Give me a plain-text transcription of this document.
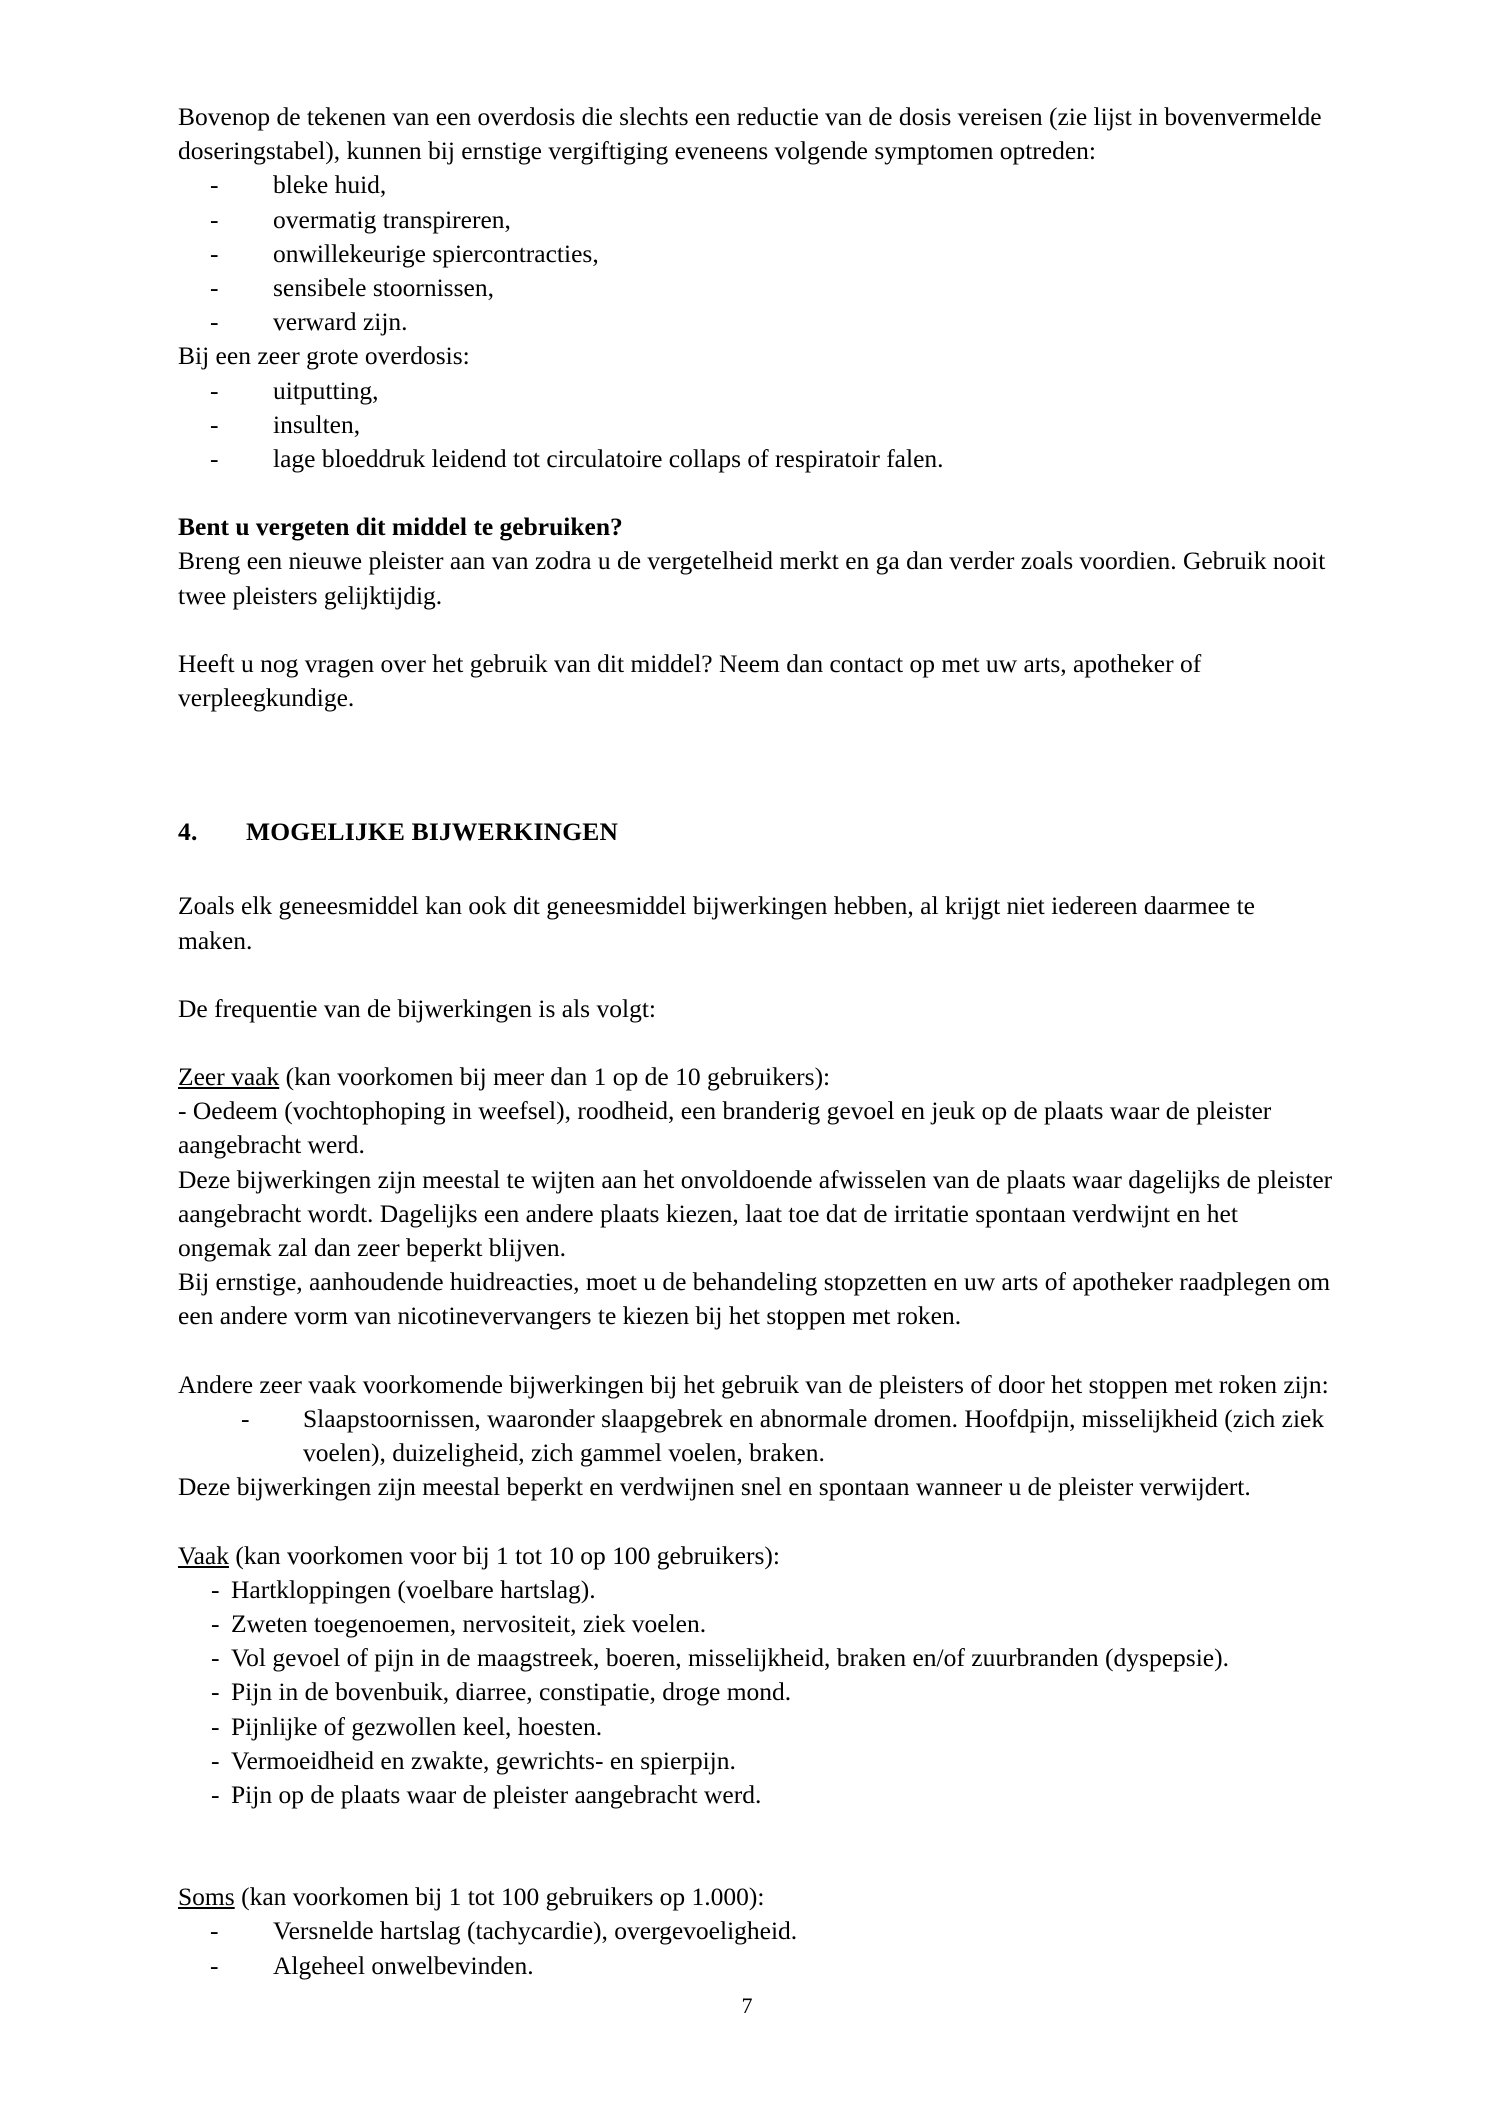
Bovenop de tekenen van een overdosis die slechts een reductie van de dosis vereisen (zie lijst in bovenvermelde doseringstabel), kunnen bij ernstige vergiftiging eveneens volgende symptomen optreden:

-	bleke huid,
-	overmatig transpireren,
-	onwillekeurige spiercontracties,
-	sensibele stoornissen,
-	verward zijn.

Bij een zeer grote overdosis:

-	uitputting,
-	insulten,
-	lage bloeddruk leidend tot circulatoire collaps of respiratoir falen.

Bent u vergeten dit middel te gebruiken?

Breng een nieuwe pleister aan van zodra u de vergetelheid merkt en ga dan verder zoals voordien. Gebruik nooit twee pleisters gelijktijdig.

Heeft u nog vragen over het gebruik van dit middel? Neem dan contact op met uw arts, apotheker of verpleegkundige.

4.	MOGELIJKE BIJWERKINGEN

Zoals elk geneesmiddel kan ook dit geneesmiddel bijwerkingen hebben, al krijgt niet iedereen daarmee te maken.

De frequentie van de bijwerkingen is als volgt:

Zeer vaak (kan voorkomen bij meer dan 1 op de 10 gebruikers):

- Oedeem (vochtophoping in weefsel), roodheid, een branderig gevoel en jeuk op de plaats waar de pleister aangebracht werd.

Deze bijwerkingen zijn meestal te wijten aan het onvoldoende afwisselen van de plaats waar dagelijks de pleister aangebracht wordt. Dagelijks een andere plaats kiezen, laat toe dat de irritatie spontaan verdwijnt en het ongemak zal dan zeer beperkt blijven.

Bij ernstige, aanhoudende huidreacties, moet u de behandeling stopzetten en uw arts of apotheker raadplegen om een andere vorm van nicotinevervangers te kiezen bij het stoppen met roken.

Andere zeer vaak voorkomende bijwerkingen bij het gebruik van de pleisters of door het stoppen met roken zijn:

-	Slaapstoornissen, waaronder slaapgebrek en abnormale dromen. Hoofdpijn, misselijkheid (zich ziek voelen), duizeligheid, zich gammel voelen, braken.

Deze bijwerkingen zijn meestal beperkt en verdwijnen snel en spontaan wanneer u de pleister verwijdert.

Vaak (kan voorkomen voor bij 1 tot 10 op 100 gebruikers):

- Hartkloppingen (voelbare hartslag).
- Zweten toegenoemen, nervositeit, ziek voelen.
- Vol gevoel of pijn in de maagstreek, boeren, misselijkheid, braken en/of zuurbranden (dyspepsie).
- Pijn in de bovenbuik, diarree, constipatie, droge mond.
- Pijnlijke of gezwollen keel, hoesten.
- Vermoeidheid en zwakte, gewrichts- en spierpijn.
- Pijn op de plaats waar de pleister aangebracht werd.

Soms (kan voorkomen bij 1 tot 100 gebruikers op 1.000):

-	Versnelde hartslag (tachycardie), overgevoeligheid.
-	Algeheel onwelbevinden.
7
